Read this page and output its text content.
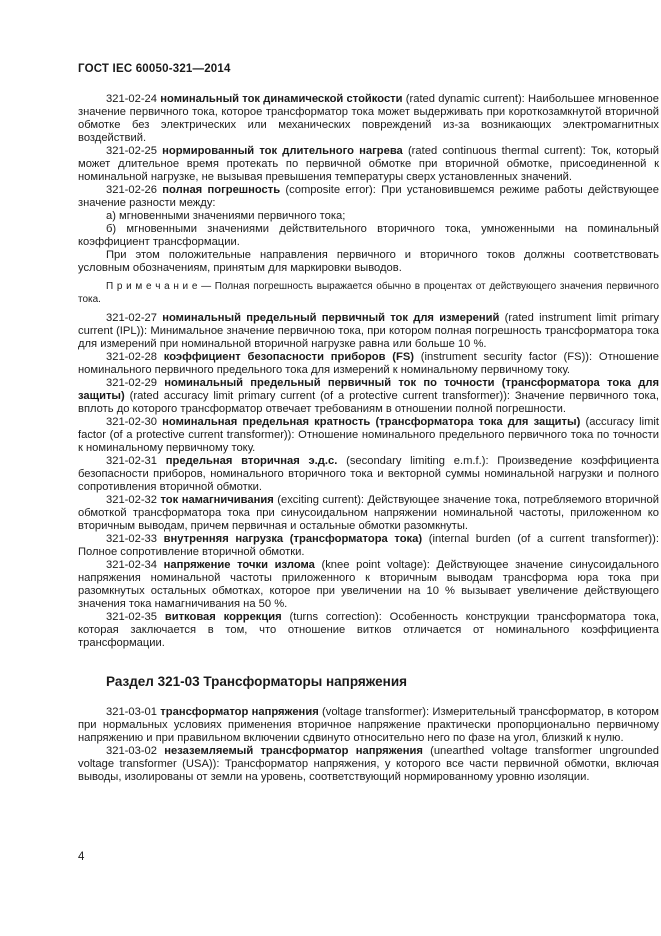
ГОСТ IEC 60050-321—2014

321-02-24 номинальный ток динамической стойкости (rated dynamic current): Наибольшее мгновенное значение первичного тока, которое трансформатор тока может выдерживать при короткозамкнутой вторичной обмотке без электрических или механических повреждений из-за возникающих электромагнитных воздействий.

321-02-25 нормированный ток длительного нагрева (rated continuous thermal current): Ток, который может длительное время протекать по первичной обмотке при вторичной обмотке, присоединенной к номинальной нагрузке, не вызывая превышения температуры сверх установленных значений.

321-02-26 полная погрешность (composite error): При установившемся режиме работы действующее значение разности между:

а) мгновенными значениями первичного тока;

б) мгновенными значениями действительного вторичного тока, умноженными на поминальный коэффициент трансформации.

При этом положительные направления первичного и вторичного токов должны соответствовать условным обозначениям, принятым для маркировки выводов.

П р и м е ч а н и е — Полная погрешность выражается обычно в процентах от действующего значения первичного тока.

321-02-27 номинальный предельный первичный ток для измерений (rated instrument limit primary current (IPL)): Минимальное значение первичною тока, при котором полная погрешность трансформатора тока для измерений при номинальной вторичной нагрузке равна или больше 10 %.

321-02-28 коэффициент безопасности приборов (FS) (instrument security factor (FS)): Отношение номинального первичного предельного тока для измерений к номинальному первичному току.

321-02-29 номинальный предельный первичный ток по точности (трансформатора тока для защиты) (rated accuracy limit primary current (of a protective current transformer)): Значение первичного тока, вплоть до которого трансформатор отвечает требованиям в отношении полной погрешности.

321-02-30 номинальная предельная кратность (трансформатора тока для защиты) (accuracy limit factor (of a protective current transformer)): Отношение номинального предельного первичного тока по точности к номинальному первичному току.

321-02-31 предельная вторичная э.д.с. (secondary limiting e.m.f.): Произведение коэффициента безопасности приборов, номинального вторичного тока и векторной суммы номинальной нагрузки и полного сопротивления вторичной обмотки.

321-02-32 ток намагничивания (exciting current): Действующее значение тока, потребляемого вторичной обмоткой трансформатора тока при синусоидальном напряжении номинальной частоты, приложенном ко вторичным выводам, причем первичная и остальные обмотки разомкнуты.

321-02-33 внутренняя нагрузка (трансформатора тока) (internal burden (of a current transformer)): Полное сопротивление вторичной обмотки.

321-02-34 напряжение точки излома (knee point voltage): Действующее значение синусоидального напряжения номинальной частоты приложенного к вторичным выводам трансформа юра тока при разомкнутых остальных обмотках, которое при увеличении на 10 % вызывает увеличение действующего значения тока намагничивания на 50 %.

321-02-35 витковая коррекция (turns correction): Особенность конструкции трансформатора тока, которая заключается в том, что отношение витков отличается от номинального коэффициента трансформации.

Раздел 321-03 Трансформаторы напряжения

321-03-01 трансформатор напряжения (voltage transformer): Измерительный трансформатор, в котором при нормальных условиях применения вторичное напряжение практически пропорционально первичному напряжению и при правильном включении сдвинуто относительно него по фазе на угол, близкий к нулю.

321-03-02 незаземляемый трансформатор напряжения (unearthed voltage transformer ungrounded voltage transformer (USA)): Трансформатор напряжения, у которого все части первичной обмотки, включая выводы, изолированы от земли на уровень, соответствующий нормированному уровню изоляции.

4
